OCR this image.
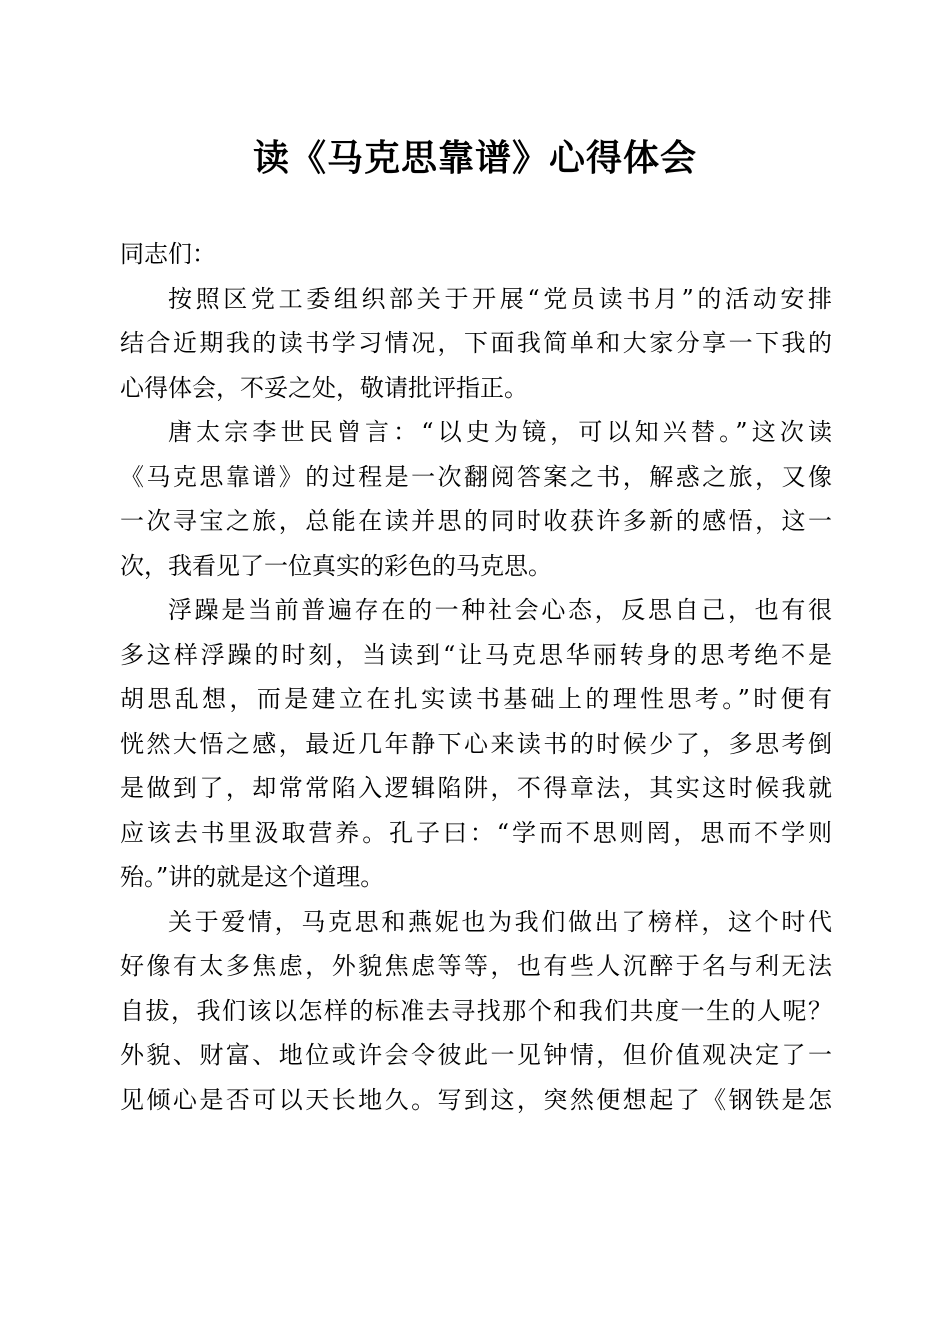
读《马克思靠谱》心得体会
同志们：
按照区党工委组织部关于开展“党员读书月”的活动安排
结合近期我的读书学习情况，下面我简单和大家分享一下我的
心得体会，不妥之处，敬请批评指正。
唐太宗李世民曾言：“以史为镜，可以知兴替。”这次读
《马克思靠谱》的过程是一次翻阅答案之书，解惑之旅，又像
一次寻宝之旅，总能在读并思的同时收获许多新的感悟，这一
次，我看见了一位真实的彩色的马克思。
浮躁是当前普遍存在的一种社会心态，反思自己，也有很
多这样浮躁的时刻，当读到“让马克思华丽转身的思考绝不是
胡思乱想，而是建立在扎实读书基础上的理性思考。”时便有
恍然大悟之感，最近几年静下心来读书的时候少了，多思考倒
是做到了，却常常陷入逻辑陷阱，不得章法，其实这时候我就
应该去书里汲取营养。孔子曰：“学而不思则罔，思而不学则
殆。”讲的就是这个道理。
关于爱情，马克思和燕妮也为我们做出了榜样，这个时代
好像有太多焦虑，外貌焦虑等等，也有些人沉醉于名与利无法
自拔，我们该以怎样的标准去寻找那个和我们共度一生的人呢？
外貌、财富、地位或许会令彼此一见钟情，但价值观决定了一
见倾心是否可以天长地久。写到这，突然便想起了《钢铁是怎
